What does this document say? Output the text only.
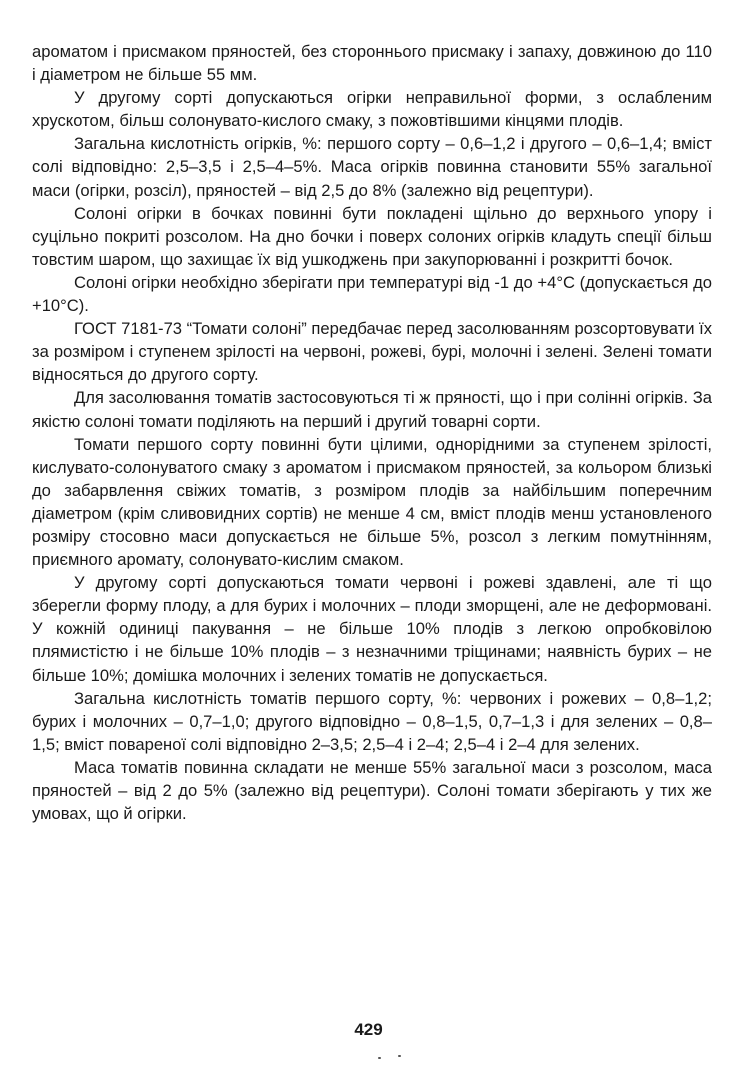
ароматом і присмаком пряностей, без стороннього присмаку і запаху, довжиною до 110 і діаметром не більше 55 мм.

У другому сорті допускаються огірки неправильної форми, з ослабленим хрускотом, більш солонувато-кислого смаку, з пожовтівшими кінцями плодів.

Загальна кислотність огірків, %: першого сорту – 0,6–1,2 і другого – 0,6–1,4; вміст солі відповідно: 2,5–3,5 і 2,5–4–5%. Маса огірків повинна становити 55% загальної маси (огірки, розсіл), пряностей – від 2,5 до 8% (залежно від рецептури).

Солоні огірки в бочках повинні бути покладені щільно до верхнього упору і суцільно покриті розсолом. На дно бочки і поверх солоних огірків кладуть спеції більш товстим шаром, що захищає їх від ушкоджень при закупорюванні і розкритті бочок.

Солоні огірки необхідно зберігати при температурі від -1 до +4°С (допускається до +10°С).

ГОСТ 7181-73 “Томати солоні” передбачає перед засолюванням розсортовувати їх за розміром і ступенем зрілості на червоні, рожеві, бурі, молочні і зелені. Зелені томати відносяться до другого сорту.

Для засолювання томатів застосовуються ті ж пряності, що і при солінні огірків. За якістю солоні томати поділяють на перший і другий товарні сорти.

Томати першого сорту повинні бути цілими, однорідними за ступенем зрілості, кислувато-солонуватого смаку з ароматом і присмаком пряностей, за кольором близькі до забарвлення свіжих томатів, з розміром плодів за найбільшим поперечним діаметром (крім сливовидних сортів) не менше 4 см, вміст плодів менш установленого розміру стосовно маси допускається не більше 5%, розсол з легким помутнінням, приємного аромату, солонувато-кислим смаком.

У другому сорті допускаються томати червоні і рожеві здавлені, але ті що зберегли форму плоду, а для бурих і молочних – плоди зморщені, але не деформовані. У кожній одиниці пакування – не більше 10% плодів з легкою опробковілою плямистістю і не більше 10% плодів – з незначними тріщинами; наявність бурих – не більше 10%; домішка молочних і зелених томатів не допускається.

Загальна кислотність томатів першого сорту, %: червоних і рожевих – 0,8–1,2; бурих і молочних – 0,7–1,0; другого відповідно – 0,8–1,5, 0,7–1,3 і для зелених – 0,8–1,5; вміст повареної солі відповідно 2–3,5; 2,5–4 і 2–4; 2,5–4 і 2–4 для зелених.

Маса томатів повинна складати не менше 55% загальної маси з розсолом, маса пряностей – від 2 до 5% (залежно від рецептури). Солоні томати зберігають у тих же умовах, що й огірки.

429
